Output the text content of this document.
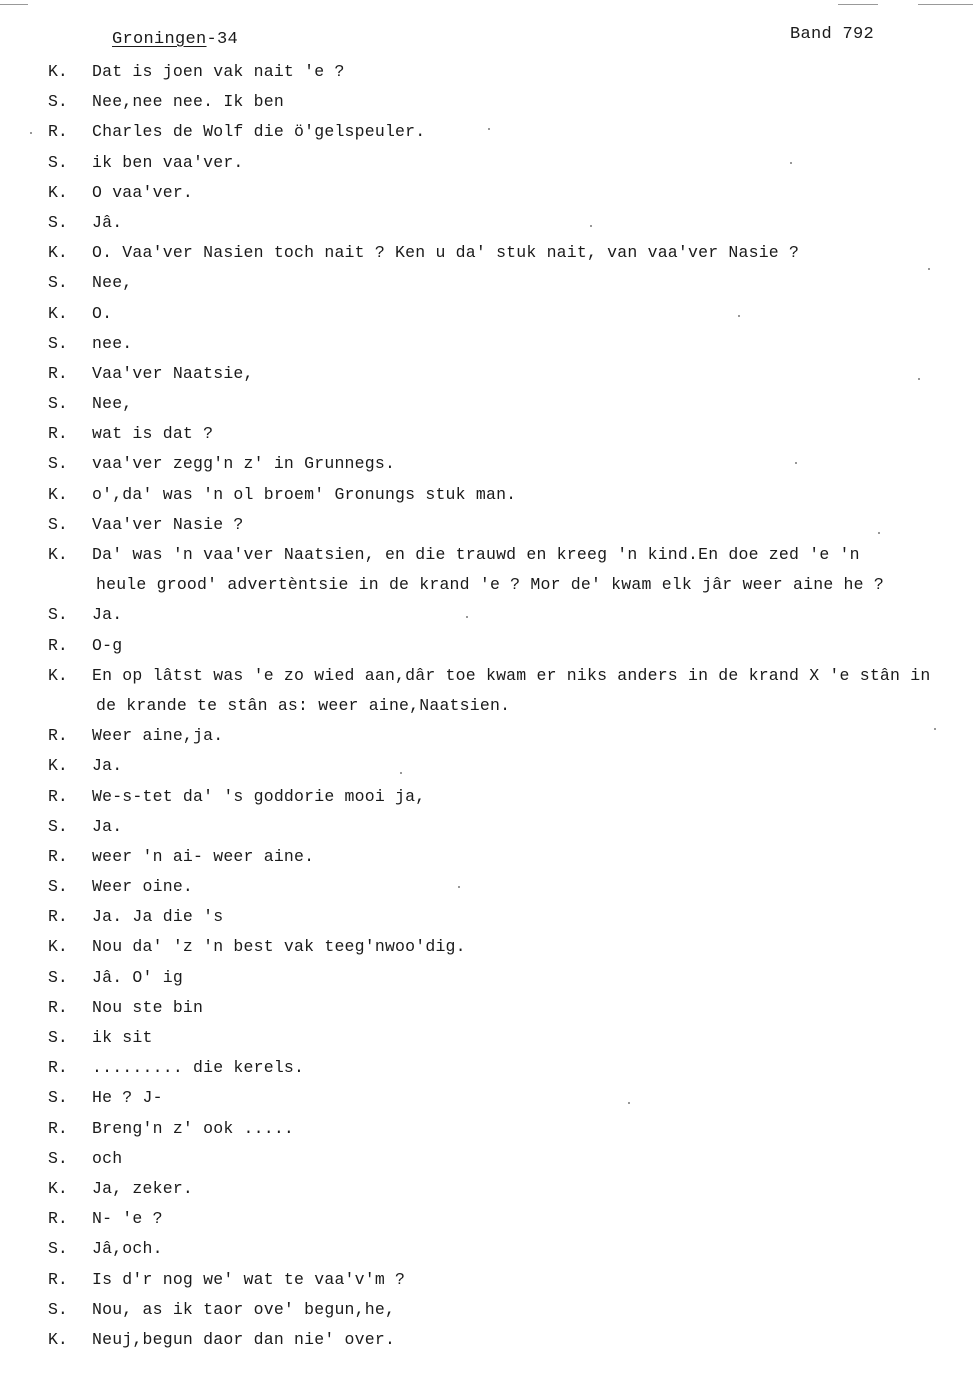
Groningen-34	Band 792
K.	Dat is joen vak nait 'e ?
S.	Nee,nee nee. Ik ben
R.	Charles de Wolf die ö'gelspeuler.
S.	ik ben vaa'ver.
K.	O vaa'ver.
S.	Jâ.
K.	O. Vaa'ver Nasien toch nait ? Ken u da' stuk nait, van vaa'ver Nasie ?
S.	Nee,
K.	O.
S.	nee.
R.	Vaa'ver Naatsie,
S.	Nee,
R.	wat is dat ?
S.	vaa'ver zegg'n z' in Grunnegs.
K.	o',da' was 'n ol broem' Gronungs stuk man.
S.	Vaa'ver Nasie ?
K.	Da' was 'n vaa'ver Naatsien, en die trauwd en kreeg 'n kind.En doe zed 'e 'n
heule grood' advertèntsie in de krand 'e ? Mor de' kwam elk jâr weer aine he ?
S.	Ja.
R.	O-g
K.	En op lâtst was 'e zo wied aan,dâr toe kwam er niks anders in de krand X 'e stân in
de krande te stân as: weer aine,Naatsien.
R.	Weer aine,ja.
K.	Ja.
R.	We-s-tet da' 's goddorie mooi ja,
S.	Ja.
R.	weer 'n ai- weer aine.
S.	Weer oine.
R.	Ja. Ja die 's
K.	Nou da' 'z 'n best vak teeg'nwoo'dig.
S.	Jâ. O' ig
R.	Nou ste bin
S.	ik sit
R.	......... die kerels.
S.	He ? J-
R.	Breng'n z' ook .....
S.	och
K.	Ja, zeker.
R.	N- 'e ?
S.	Jâ,och.
R.	Is d'r nog we' wat te vaa'v'm ?
S.	Nou, as ik taor ove' begun,he,
K.	Neuj,begun daor dan nie' over.
